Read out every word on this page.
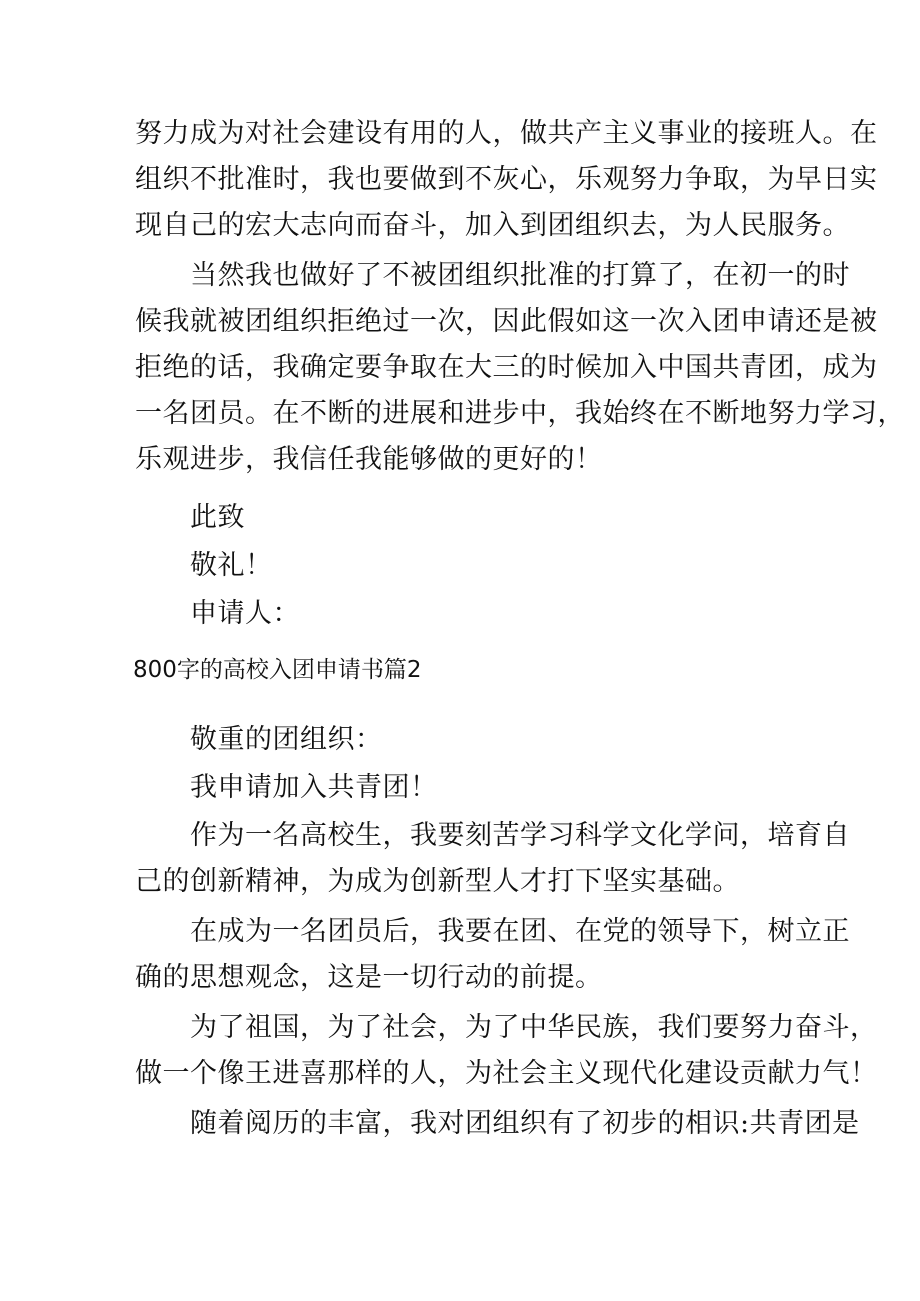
努力成为对社会建设有用的人，做共产主义事业的接班人。在
组织不批准时，我也要做到不灰心，乐观努力争取，为早日实
现自己的宏大志向而奋斗，加入到团组织去，为人民服务。
当然我也做好了不被团组织批准的打算了，在初一的时
候我就被团组织拒绝过一次，因此假如这一次入团申请还是被
拒绝的话，我确定要争取在大三的时候加入中国共青团，成为
一名团员。在不断的进展和进步中，我始终在不断地努力学习，
乐观进步，我信任我能够做的更好的！
此致
敬礼！
申请人：
800字的高校入团申请书篇2
敬重的团组织：
我申请加入共青团！
作为一名高校生，我要刻苦学习科学文化学问，培育自
己的创新精神，为成为创新型人才打下坚实基础。
在成为一名团员后，我要在团、在党的领导下，树立正
确的思想观念，这是一切行动的前提。
为了祖国，为了社会，为了中华民族，我们要努力奋斗，
做一个像王进喜那样的人，为社会主义现代化建设贡献力气！
随着阅历的丰富，我对团组织有了初步的相识:共青团是
